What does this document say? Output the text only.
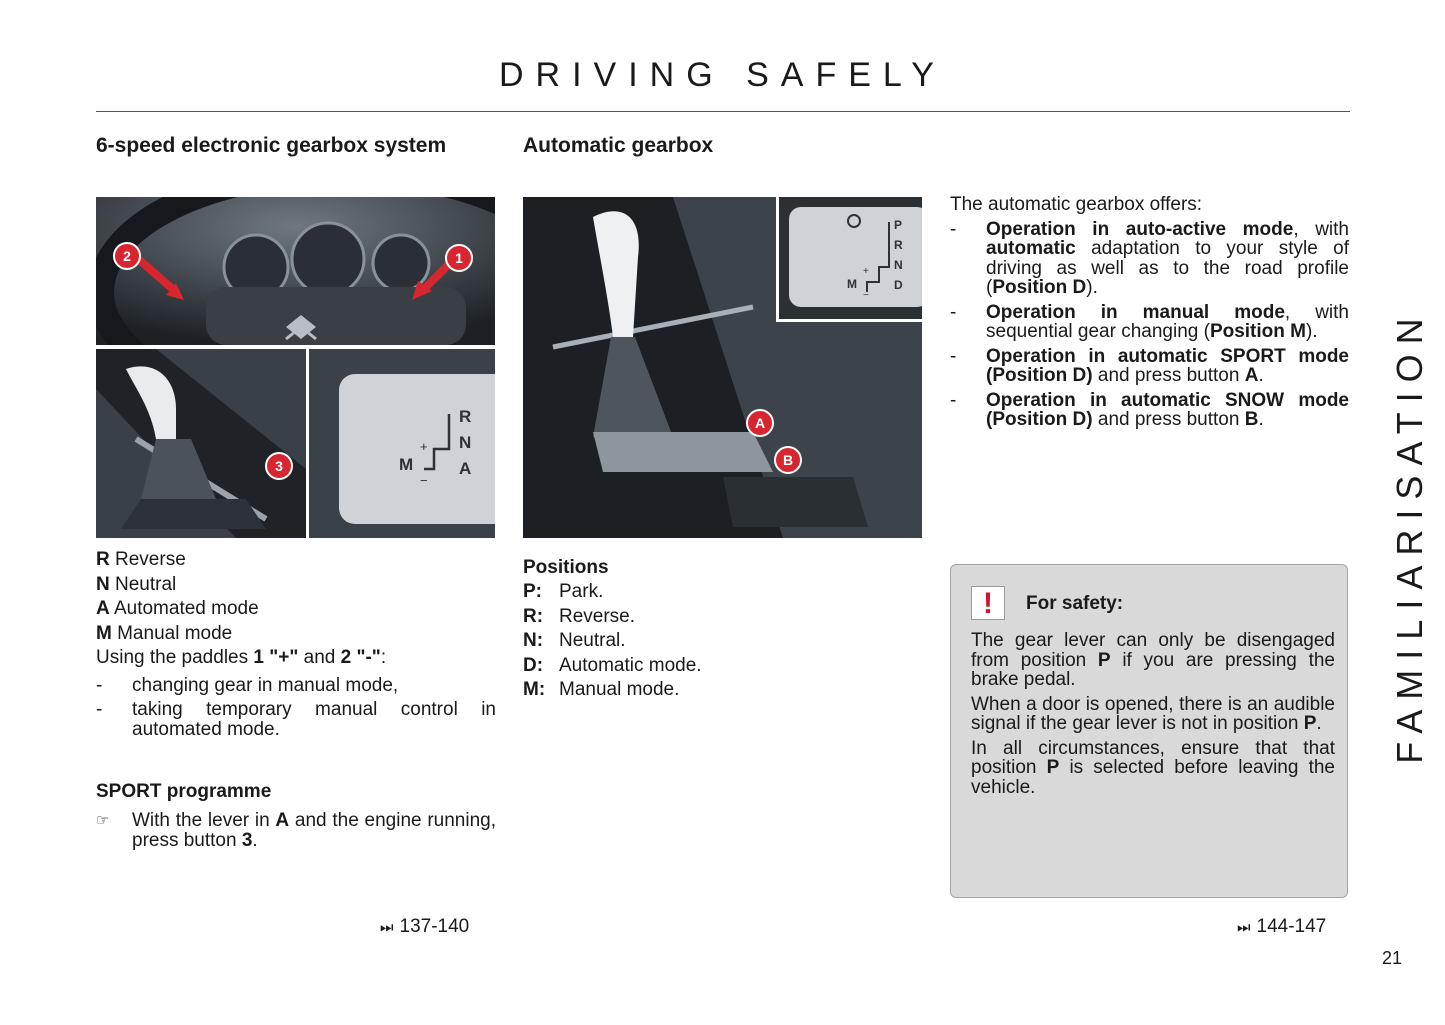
DRIVING SAFELY
FAMILIARISATION
6-speed electronic gearbox system
2	1
3
R
N
A
M
+
−

R Reverse

N Neutral

A Automated mode

M Manual mode

Using the paddles 1 "+" and 2 "-":

- changing gear in manual mode,
- taking temporary manual control in automated mode.
SPORT programme
☞ With the lever in A and the engine running, press button 3.
⏭ 137-140
Automatic gearbox
P
R
N
D
M
+
−
A
B
Positions
P: Park.
R: Reverse.
N: Neutral.
D: Automatic mode.
M: Manual mode.

The automatic gearbox offers:

- Operation in auto-active mode, with automatic adaptation to your style of driving as well as to the road profile (Position D).
- Operation in manual mode, with sequential gear changing (Position M).
- Operation in automatic SPORT mode (Position D) and press button A.
- Operation in automatic SNOW mode (Position D) and press button B.
!	For safety:

The gear lever can only be disengaged from position P if you are pressing the brake pedal.

When a door is opened, there is an audible signal if the gear lever is not in position P.

In all circumstances, ensure that that position P is selected before leaving the vehicle.

⏭ 144-147
21
